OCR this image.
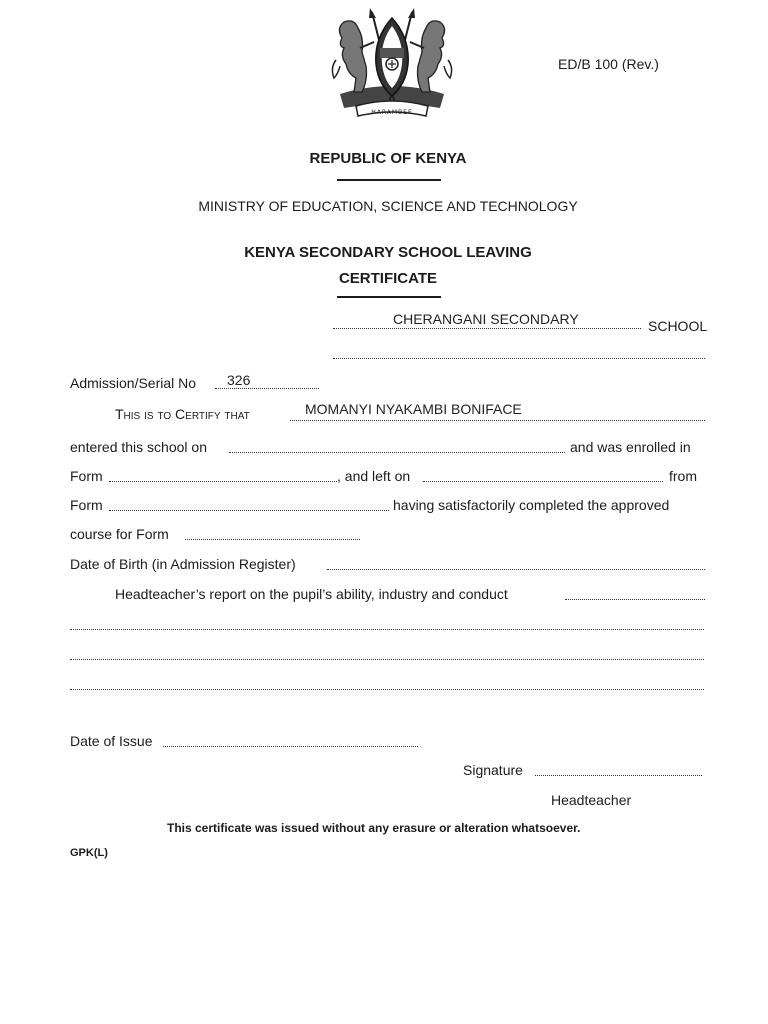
HARAMBEE
ED/B 100 (Rev.)
REPUBLIC OF KENYA
MINISTRY OF EDUCATION, SCIENCE AND TECHNOLOGY
KENYA SECONDARY SCHOOL LEAVING
CERTIFICATE
CHERANGANI SECONDARY	SCHOOL
Admission/Serial No 326
This is to Certify that	MOMANYI NYAKAMBI BONIFACE
entered this school on	and was enrolled in
Form	, and left on	from
Form	having satisfactorily completed the approved
course for Form
Date of Birth (in Admission Register)
Headteacher’s report on the pupil’s ability, industry and conduct
Date of Issue
Signature
Headteacher
This certificate was issued without any erasure or alteration whatsoever.
GPK(L)
